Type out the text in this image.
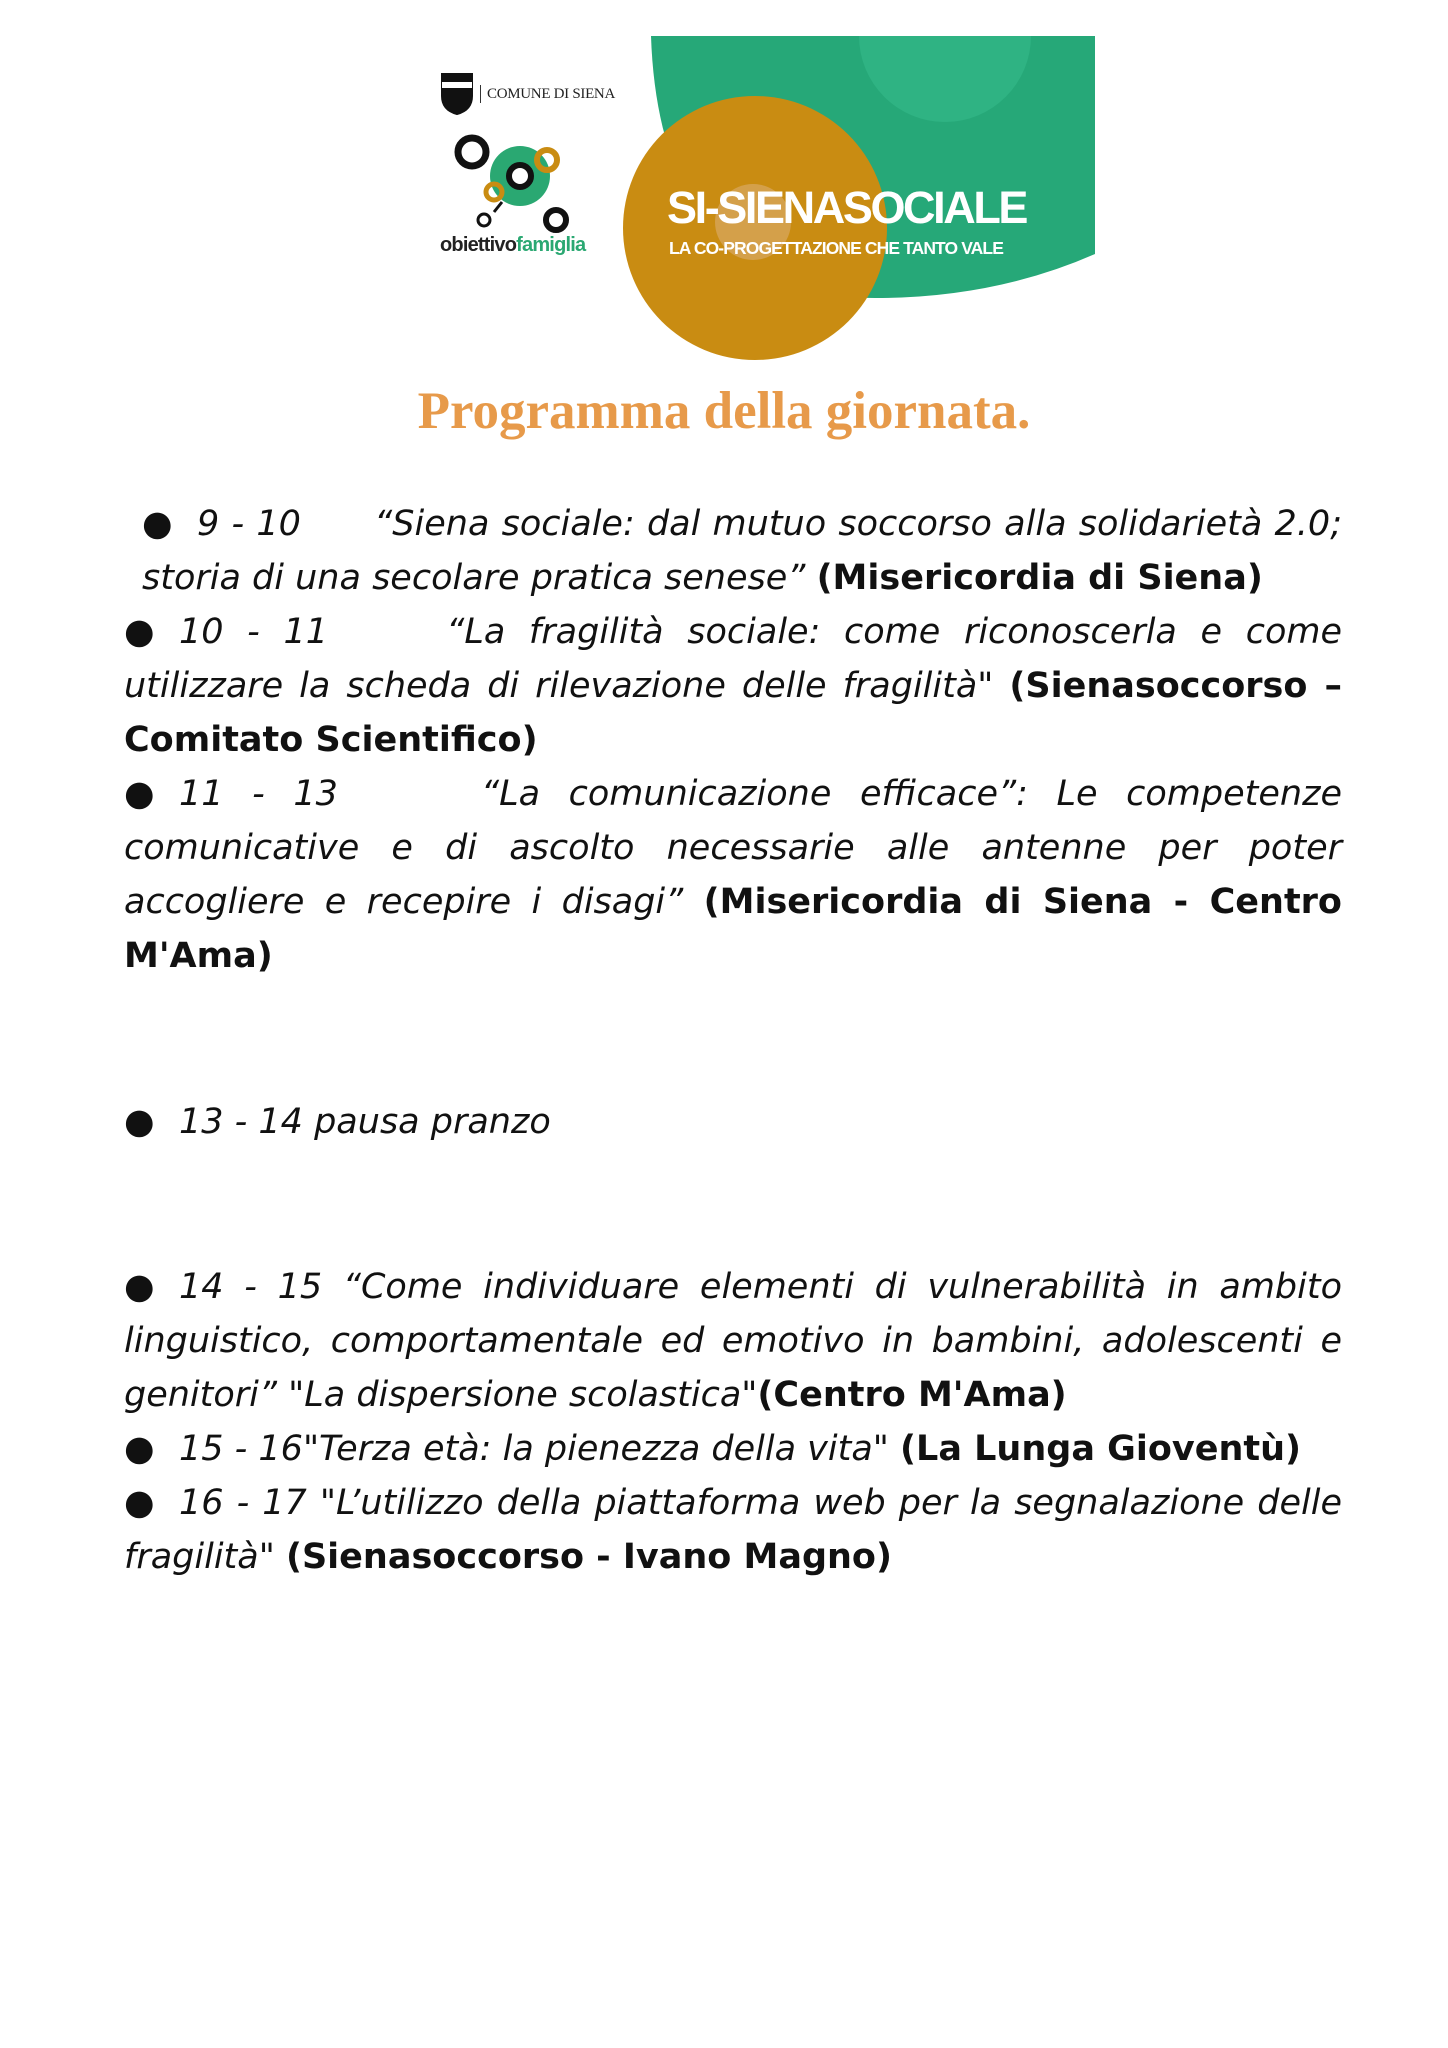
COMUNE DI SIENA
obiettivofamiglia
SI-SIENASOCIALE
LA CO-PROGETTAZIONE CHE TANTO VALE
Programma della giornata.

● 9 - 10 “Siena sociale: dal mutuo soccorso alla solidarietà 2.0; storia di una secolare pratica senese” (Misericordia di Siena)

● 10 - 11	“La fragilità sociale: come riconoscerla e come utilizzare la scheda di rilevazione delle fragilità" (Sienasoccorso – Comitato Scientifico)

● 11 - 13	“La comunicazione efficace”: Le competenze comunicative e di ascolto necessarie alle antenne per poter accogliere e recepire i disagi” (Misericordia di Siena - Centro M'Ama)

● 13 - 14 pausa pranzo

● 14 - 15 “Come individuare elementi di vulnerabilità in ambito linguistico, comportamentale ed emotivo in bambini, adolescenti e genitori” "La dispersione scolastica"(Centro M'Ama)

● 15 - 16"Terza età: la pienezza della vita" (La Lunga Gioventù)

● 16 - 17 "L’utilizzo della piattaforma web per la segnalazione delle fragilità" (Sienasoccorso - Ivano Magno)
